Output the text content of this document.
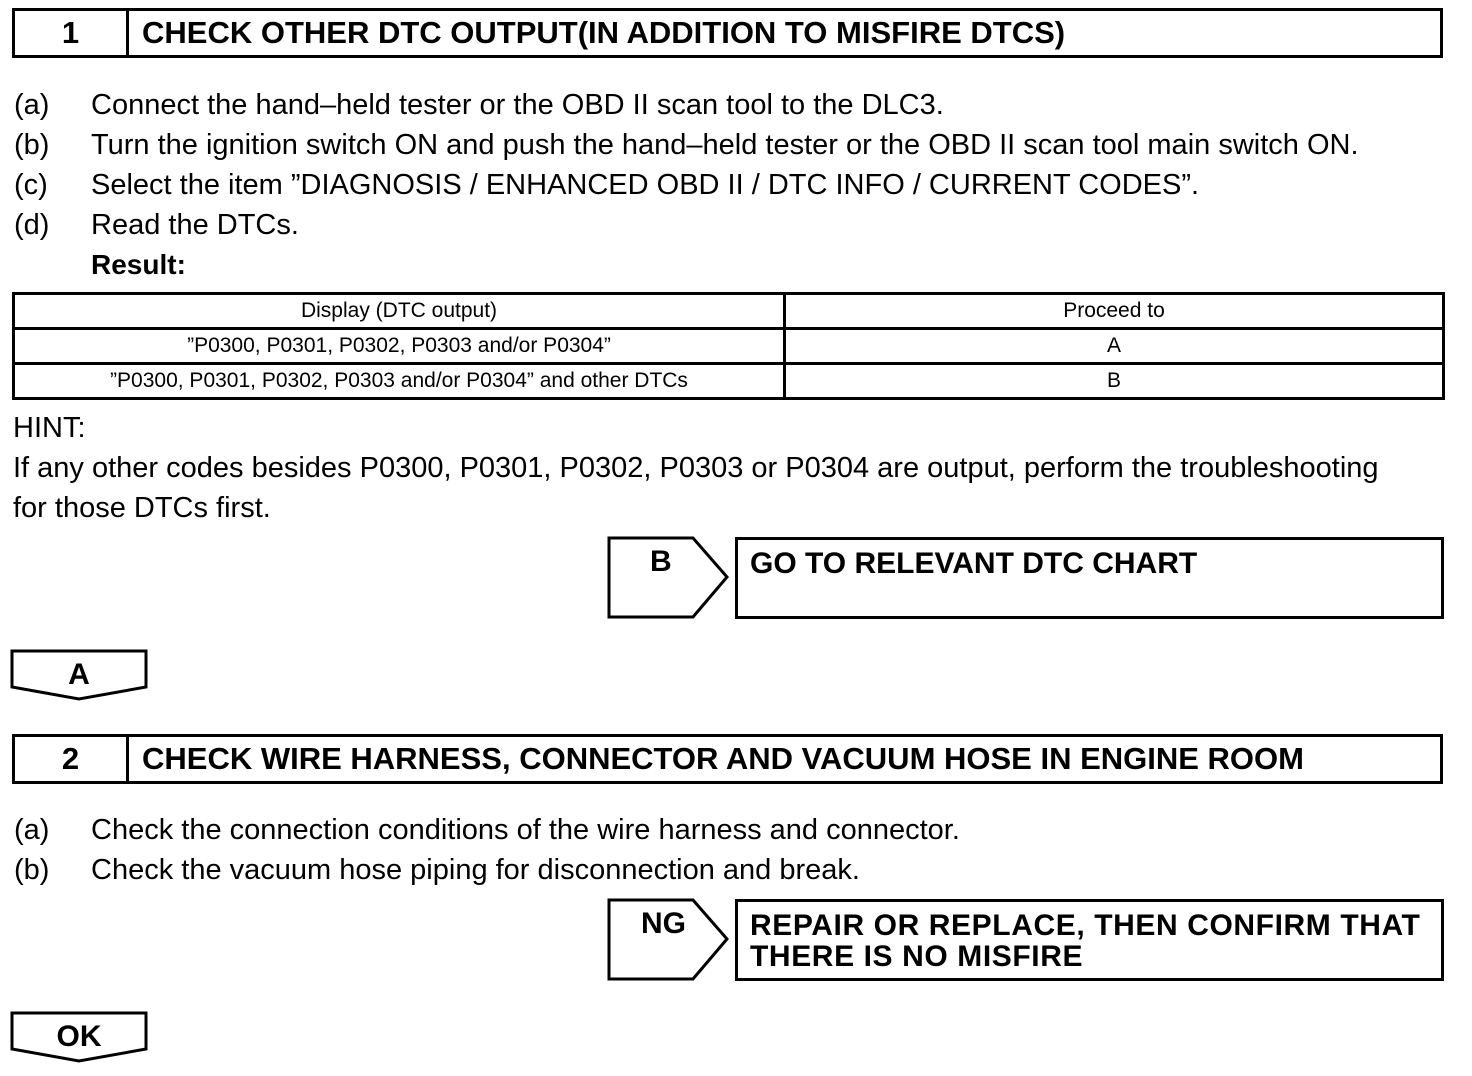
1	CHECK OTHER DTC OUTPUT(IN ADDITION TO MISFIRE DTCS)
(a) Connect the hand–held tester or the OBD II scan tool to the DLC3.
(b) Turn the ignition switch ON and push the hand–held tester or the OBD II scan tool main switch ON.
(c) Select the item ”DIAGNOSIS / ENHANCED OBD II / DTC INFO / CURRENT CODES”.
(d) Read the DTCs.
Result:
Display (DTC output)	Proceed to
”P0300, P0301, P0302, P0303 and/or P0304”	A
”P0300, P0301, P0302, P0303 and/or P0304” and other DTCs	B
HINT:
If any other codes besides P0300, P0301, P0302, P0303 or P0304 are output, perform the troubleshooting
for those DTCs first.
B	GO TO RELEVANT DTC CHART
A
2	CHECK WIRE HARNESS, CONNECTOR AND VACUUM HOSE IN ENGINE ROOM
(a) Check the connection conditions of the wire harness and connector.
(b) Check the vacuum hose piping for disconnection and break.
NG REPAIR OR REPLACE, THEN CONFIRM THAT
THERE IS NO MISFIRE
OK
